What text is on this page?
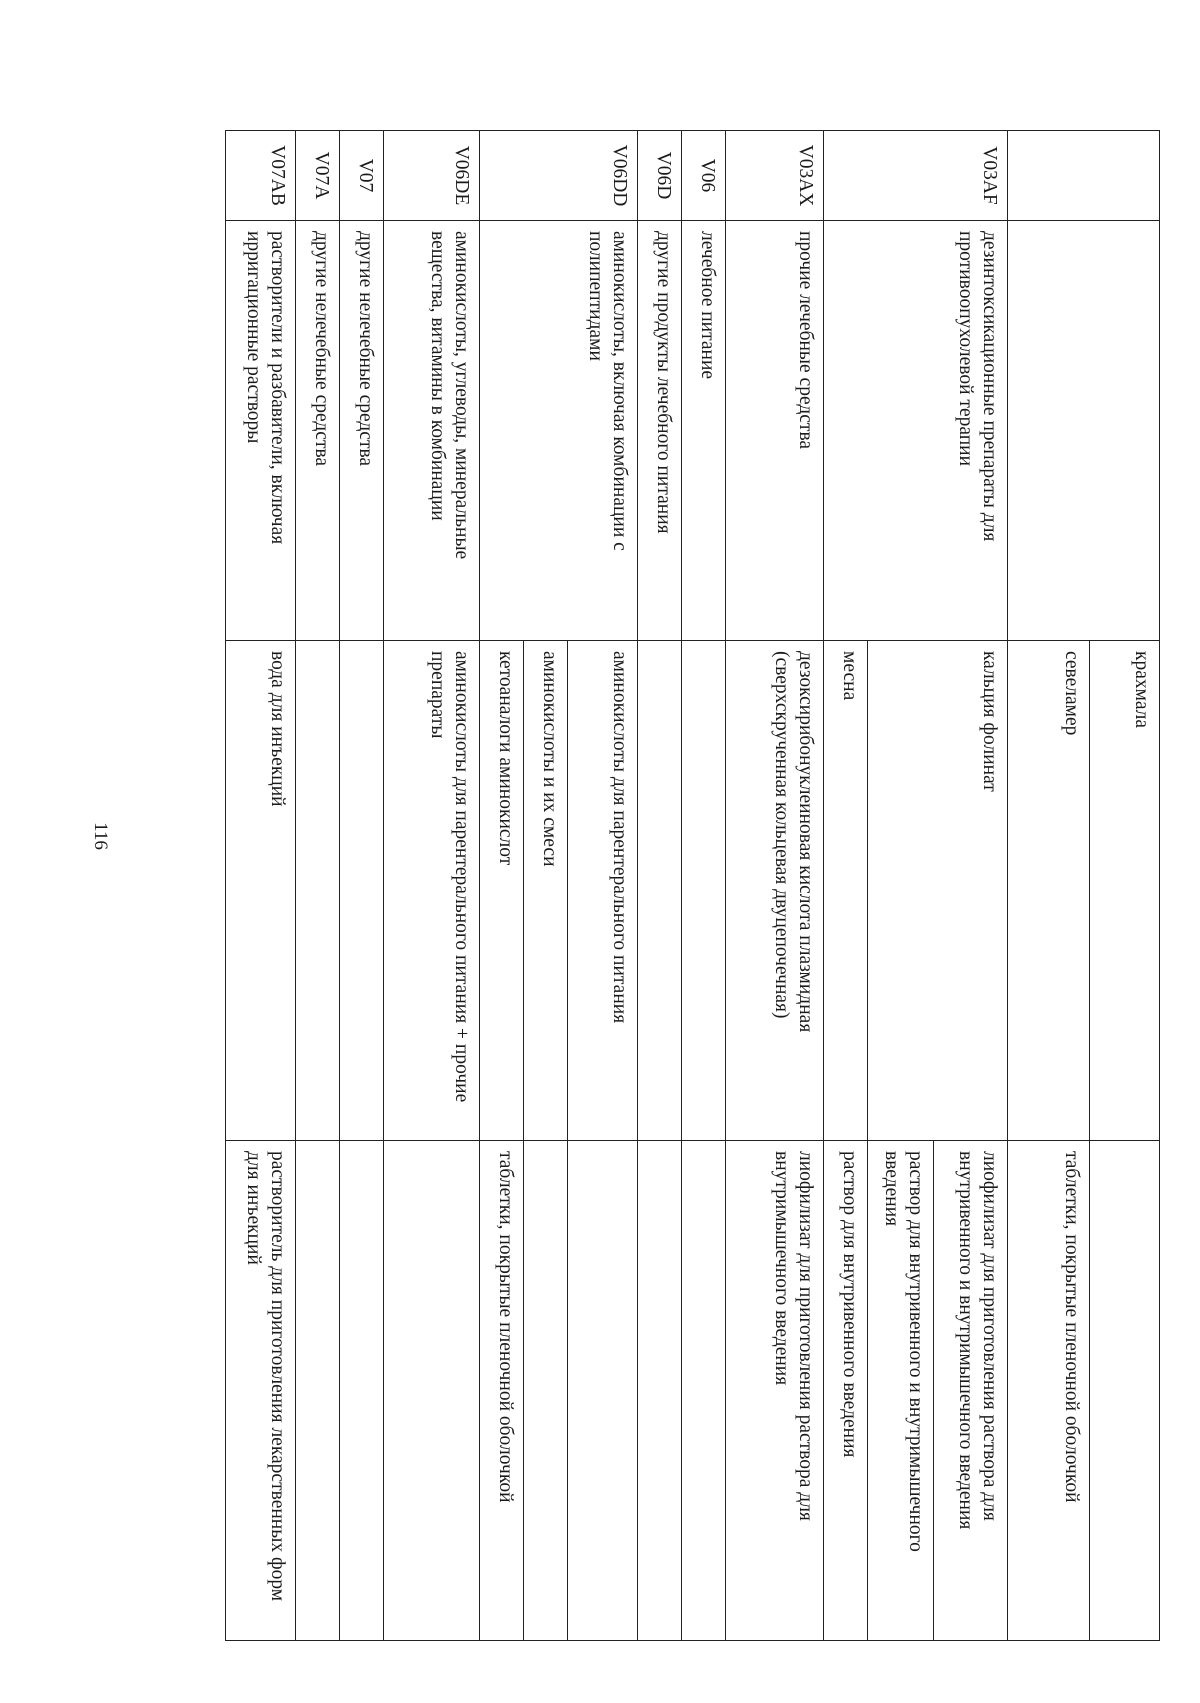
116

		крахмала	

		севеламер	таблетки, покрытые пленочной оболочкой
V03AF	дезинтоксикационные препараты для противоопухолевой терапии	кальция фолинат	лиофилизат для приготовления раствора для внутривенного и внутримышечного введения
			раствор для внутривенного и внутримышечного введения
		месна	раствор для внутривенного введения
V03AX	прочие лечебные средства	дезоксирибонуклеиновая кислота плазмидная (сверхскрученная кольцевая двуцепочечная)	лиофилизат для приготовления раствора для внутримышечного введения
V06	лечебное питание		
V06D	другие продукты лечебного питания		
V06DD	аминокислоты, включая комбинации с полипептидами	аминокислоты для парентерального питания	
		аминокислоты и их смеси	
		кетоаналоги аминокислот	таблетки, покрытые пленочной оболочкой
V06DE	аминокислоты, углеводы, минеральные вещества, витамины в комбинации	аминокислоты для парентерального питания + прочие препараты	
V07	другие нелечебные средства		
V07A	другие нелечебные средства		
V07AB	растворители и разбавители, включая ирригационные растворы	вода для инъекций	растворитель для приготовления лекарственных форм для инъекций
